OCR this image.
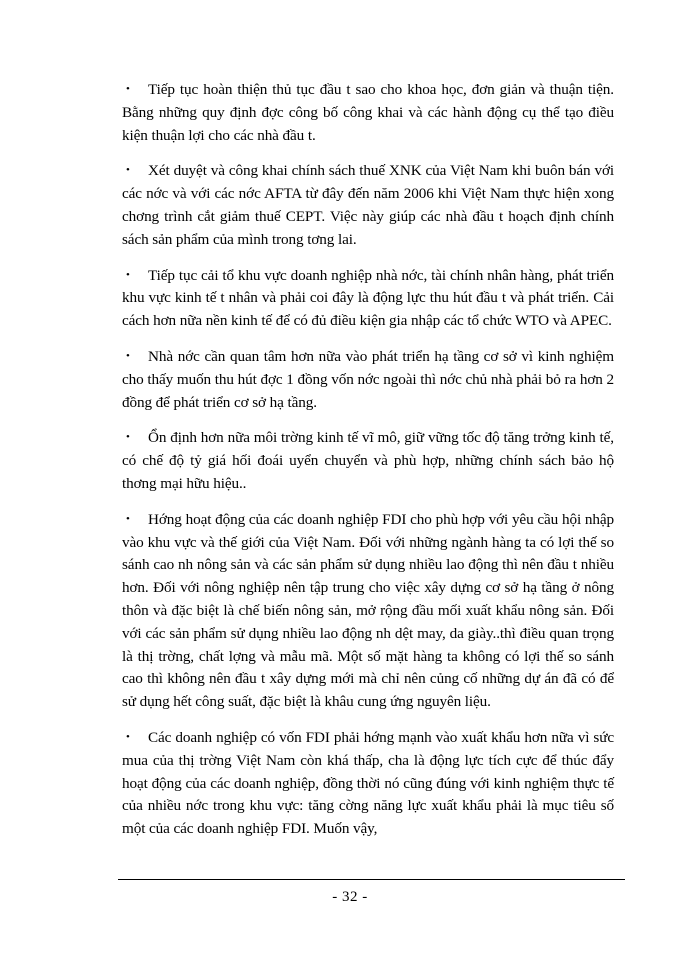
• Tiếp tục hoàn thiện thủ tục đầu t sao cho khoa học, đơn giản và thuận tiện. Bằng những quy định đợc công bố công khai và các hành động cụ thể tạo điều kiện thuận lợi cho các nhà đầu t.

• Xét duyệt và công khai chính sách thuế XNK của Việt Nam khi buôn bán với các nớc và với các nớc AFTA từ đây đến năm 2006 khi Việt Nam thực hiện xong chơng trình cắt giảm thuế CEPT. Việc này giúp các nhà đầu t hoạch định chính sách sản phẩm của mình trong tơng lai.

• Tiếp tục cải tổ khu vực doanh nghiệp nhà nớc, tài chính nhân hàng, phát triển khu vực kinh tế t nhân và phải coi đây là động lực thu hút đầu t và phát triển. Cải cách hơn nữa nền kinh tế để có đủ điều kiện gia nhập các tổ chức WTO và APEC.

• Nhà nớc cần quan tâm hơn nữa vào phát triển hạ tầng cơ sở vì kinh nghiệm cho thấy muốn thu hút đợc 1 đồng vốn nớc ngoài thì nớc chủ nhà phải bỏ ra hơn 2 đồng để phát triển cơ sở hạ tầng.

• Ổn định hơn nữa môi trờng kinh tế vĩ mô, giữ vững tốc độ tăng trởng kinh tế, có chế độ tỷ giá hối đoái uyển chuyển và phù hợp, những chính sách bảo hộ thơng mại hữu hiệu..

• Hớng hoạt động của các doanh nghiệp FDI cho phù hợp với yêu cầu hội nhập vào khu vực và thế giới của Việt Nam. Đối với những ngành hàng ta có lợi thế so sánh cao nh nông sản và các sản phẩm sử dụng nhiều lao động thì nên đầu t nhiều hơn. Đối với nông nghiệp nên tập trung cho việc xây dựng cơ sở hạ tầng ở nông thôn và đặc biệt là chế biến nông sản, mở rộng đầu mối xuất khẩu nông sản. Đối với các sản phẩm sử dụng nhiều lao động nh dệt may, da giày..thì điều quan trọng là thị trờng, chất lợng và mẫu mã. Một số mặt hàng ta không có lợi thế so sánh cao thì không nên đầu t xây dựng mới mà chỉ nên củng cố những dự án đã có để sử dụng hết công suất, đặc biệt là khâu cung ứng nguyên liệu.

• Các doanh nghiệp có vốn FDI phải hớng mạnh vào xuất khẩu hơn nữa vì sức mua của thị trờng Việt Nam còn khá thấp, cha là động lực tích cực để thúc đẩy hoạt động của các doanh nghiệp, đồng thời nó cũng đúng với kinh nghiệm thực tế của nhiều nớc trong khu vực: tăng cờng năng lực xuất khẩu phải là mục tiêu số một của các doanh nghiệp FDI. Muốn vậy,

- 32 -
